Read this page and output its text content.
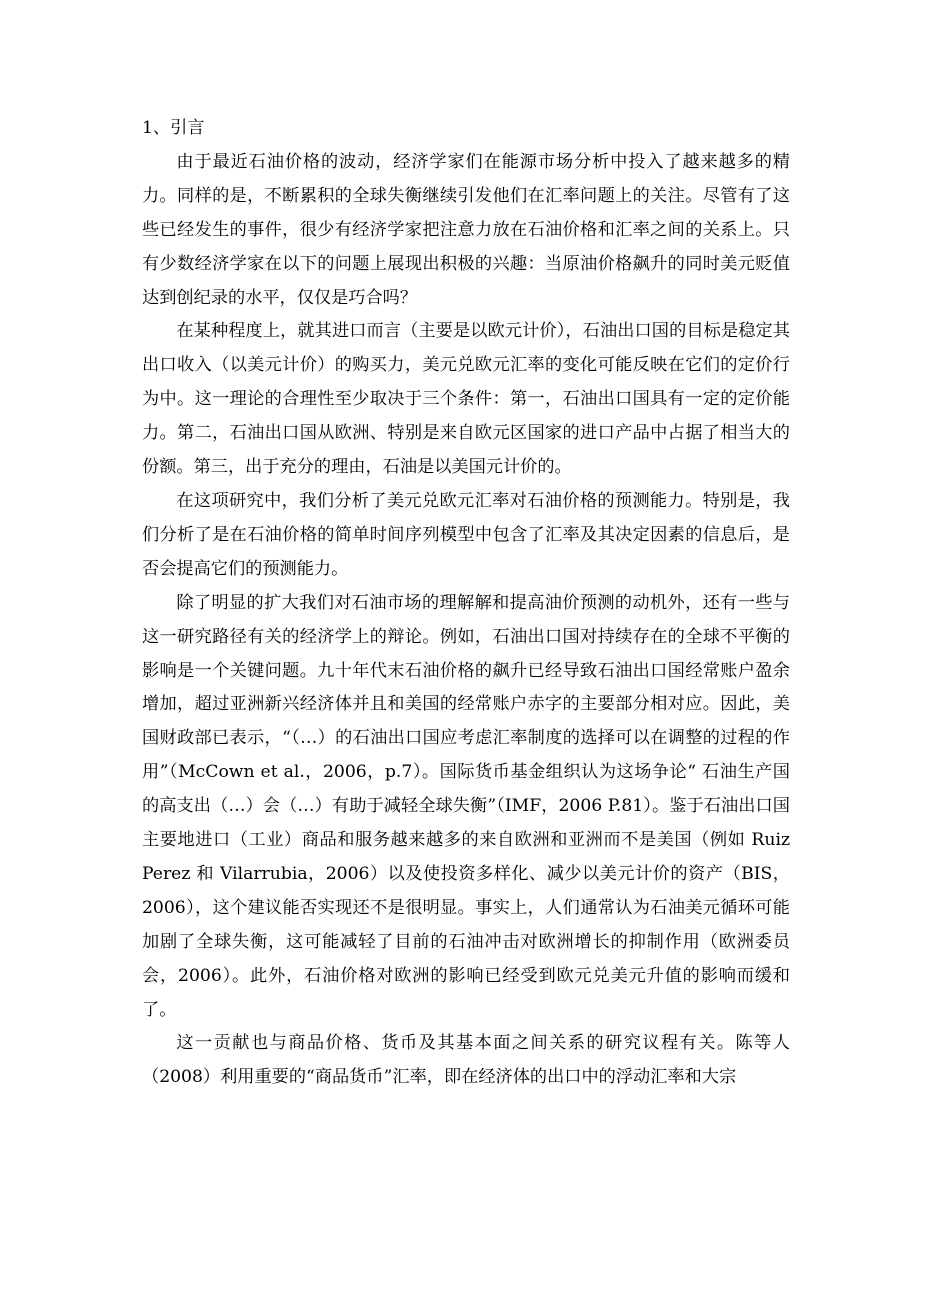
1、引言

由于最近石油价格的波动，经济学家们在能源市场分析中投入了越来越多的精力。同样的是，不断累积的全球失衡继续引发他们在汇率问题上的关注。尽管有了这些已经发生的事件，很少有经济学家把注意力放在石油价格和汇率之间的关系上。只有少数经济学家在以下的问题上展现出积极的兴趣：当原油价格飙升的同时美元贬值达到创纪录的水平，仅仅是巧合吗？

在某种程度上，就其进口而言（主要是以欧元计价），石油出口国的目标是稳定其出口收入（以美元计价）的购买力，美元兑欧元汇率的变化可能反映在它们的定价行为中。这一理论的合理性至少取决于三个条件：第一，石油出口国具有一定的定价能力。第二，石油出口国从欧洲、特别是来自欧元区国家的进口产品中占据了相当大的份额。第三，出于充分的理由，石油是以美国元计价的。

在这项研究中，我们分析了美元兑欧元汇率对石油价格的预测能力。特别是，我们分析了是在石油价格的简单时间序列模型中包含了汇率及其决定因素的信息后，是否会提高它们的预测能力。

除了明显的扩大我们对石油市场的理解解和提高油价预测的动机外，还有一些与这一研究路径有关的经济学上的辩论。例如，石油出口国对持续存在的全球不平衡的影响是一个关键问题。九十年代末石油价格的飙升已经导致石油出口国经常账户盈余增加，超过亚洲新兴经济体并且和美国的经常账户赤字的主要部分相对应。因此，美国财政部已表示，“（…）的石油出口国应考虑汇率制度的选择可以在调整的过程的作用”（McCown et al.，2006，p.7）。国际货币基金组织认为这场争论“ 石油生产国的高支出（…）会（…）有助于减轻全球失衡”（IMF，2006 P.81）。鉴于石油出口国主要地进口（工业）商品和服务越来越多的来自欧洲和亚洲而不是美国（例如 Ruiz Perez 和 Vilarrubia，2006）以及使投资多样化、减少以美元计价的资产（BIS，2006），这个建议能否实现还不是很明显。事实上，人们通常认为石油美元循环可能加剧了全球失衡，这可能减轻了目前的石油冲击对欧洲增长的抑制作用（欧洲委员会，2006）。此外，石油价格对欧洲的影响已经受到欧元兑美元升值的影响而缓和了。

这一贡献也与商品价格、货币及其基本面之间关系的研究议程有关。陈等人（2008）利用重要的“商品货币”汇率，即在经济体的出口中的浮动汇率和大宗
